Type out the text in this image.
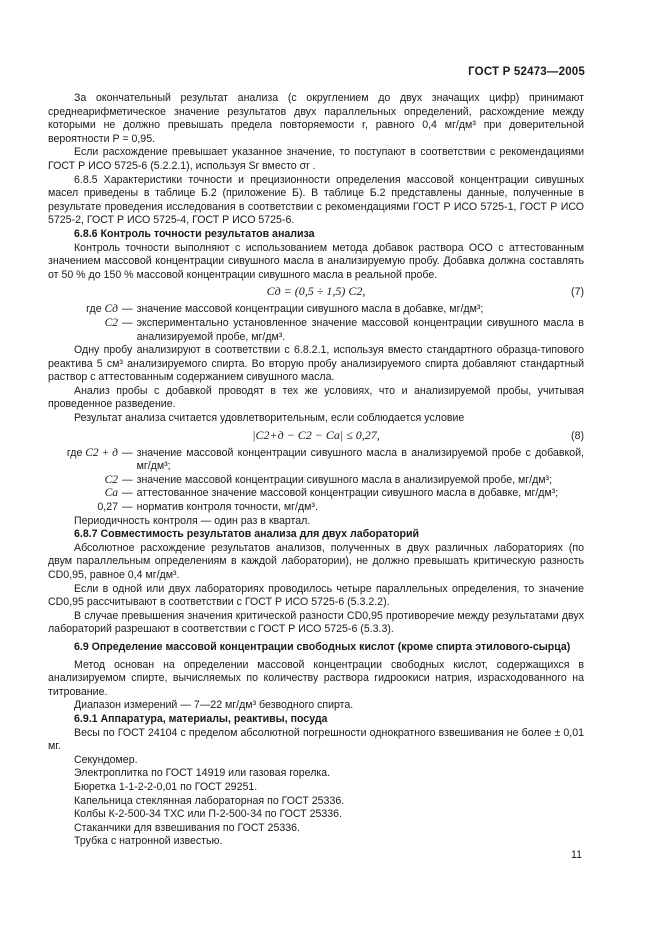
ГОСТ Р 52473—2005

За окончательный результат анализа (с округлением до двух значащих цифр) принимают среднеарифметическое значение результатов двух параллельных определений, расхождение между которыми не должно превышать предела повторяемости r, равного 0,4 мг/дм³ при доверительной вероятности P = 0,95.

Если расхождение превышает указанное значение, то поступают в соответствии с рекомендациями ГОСТ Р ИСО 5725-6 (5.2.2.1), используя Sr вместо σr .

6.8.5 Характеристики точности и прецизионности определения массовой концентрации сивушных масел приведены в таблице Б.2 (приложение Б). В таблице Б.2 представлены данные, полученные в результате проведения исследования в соответствии с рекомендациями ГОСТ Р ИСО 5725-1, ГОСТ Р ИСО 5725-2, ГОСТ Р ИСО 5725-4, ГОСТ Р ИСО 5725-6.

6.8.6 Контроль точности результатов анализа

Контроль точности выполняют с использованием метода добавок раствора ОСО с аттестованным значением массовой концентрации сивушного масла в анализируемую пробу. Добавка должна составлять от 50 % до 150 % массовой концентрации сивушного масла в реальной пробе.

Cд = (0,5 ÷ 1,5) C2,	(7)
где Cд — значение массовой концентрации сивушного масла в добавке, мг/дм³;
C2 — экспериментально установленное значение массовой концентрации сивушного масла в анализируемой пробе, мг/дм³.

Одну пробу анализируют в соответствии с 6.8.2.1, используя вместо стандартного образца-типового реактива 5 см³ анализируемого спирта. Во вторую пробу анализируемого спирта добавляют стандартный раствор с аттестованным содержанием сивушного масла.

Анализ пробы с добавкой проводят в тех же условиях, что и анализируемой пробы, учитывая проведенное разведение.

Результат анализа считается удовлетворительным, если соблюдается условие

|C2+д − C2 − Cа| ≤ 0,27,	(8)
где C2 + д — значение массовой концентрации сивушного масла в анализируемой пробе с добавкой, мг/дм³;
C2 — значение массовой концентрации сивушного масла в анализируемой пробе, мг/дм³;
Cа — аттестованное значение массовой концентрации сивушного масла в добавке, мг/дм³;
0,27 — норматив контроля точности, мг/дм³.

Периодичность контроля — один раз в квартал.

6.8.7 Совместимость результатов анализа для двух лабораторий

Абсолютное расхождение результатов анализов, полученных в двух различных лабораториях (по двум параллельным определениям в каждой лаборатории), не должно превышать критическую разность CD0,95, равное 0,4 мг/дм³.

Если в одной или двух лабораториях проводилось четыре параллельных определения, то значение CD0,95 рассчитывают в соответствии с ГОСТ Р ИСО 5725-6 (5.3.2.2).

В случае превышения значения критической разности CD0,95 противоречие между результатами двух лабораторий разрешают в соответствии с ГОСТ Р ИСО 5725-6 (5.3.3).

6.9 Определение массовой концентрации свободных кислот (кроме спирта этилового-сырца)

Метод основан на определении массовой концентрации свободных кислот, содержащихся в анализируемом спирте, вычисляемых по количеству раствора гидроокиси натрия, израсходованного на титрование.

Диапазон измерений — 7—22 мг/дм³ безводного спирта.

6.9.1 Аппаратура, материалы, реактивы, посуда

Весы по ГОСТ 24104 с пределом абсолютной погрешности однократного взвешивания не более ± 0,01 мг.

Секундомер.

Электроплитка по ГОСТ 14919 или газовая горелка.

Бюретка 1-1-2-2-0,01 по ГОСТ 29251.

Капельница стеклянная лабораторная по ГОСТ 25336.

Колбы К-2-500-34 ТХС или П-2-500-34 по ГОСТ 25336.

Стаканчики для взвешивания по ГОСТ 25336.

Трубка с натронной известью.

11
